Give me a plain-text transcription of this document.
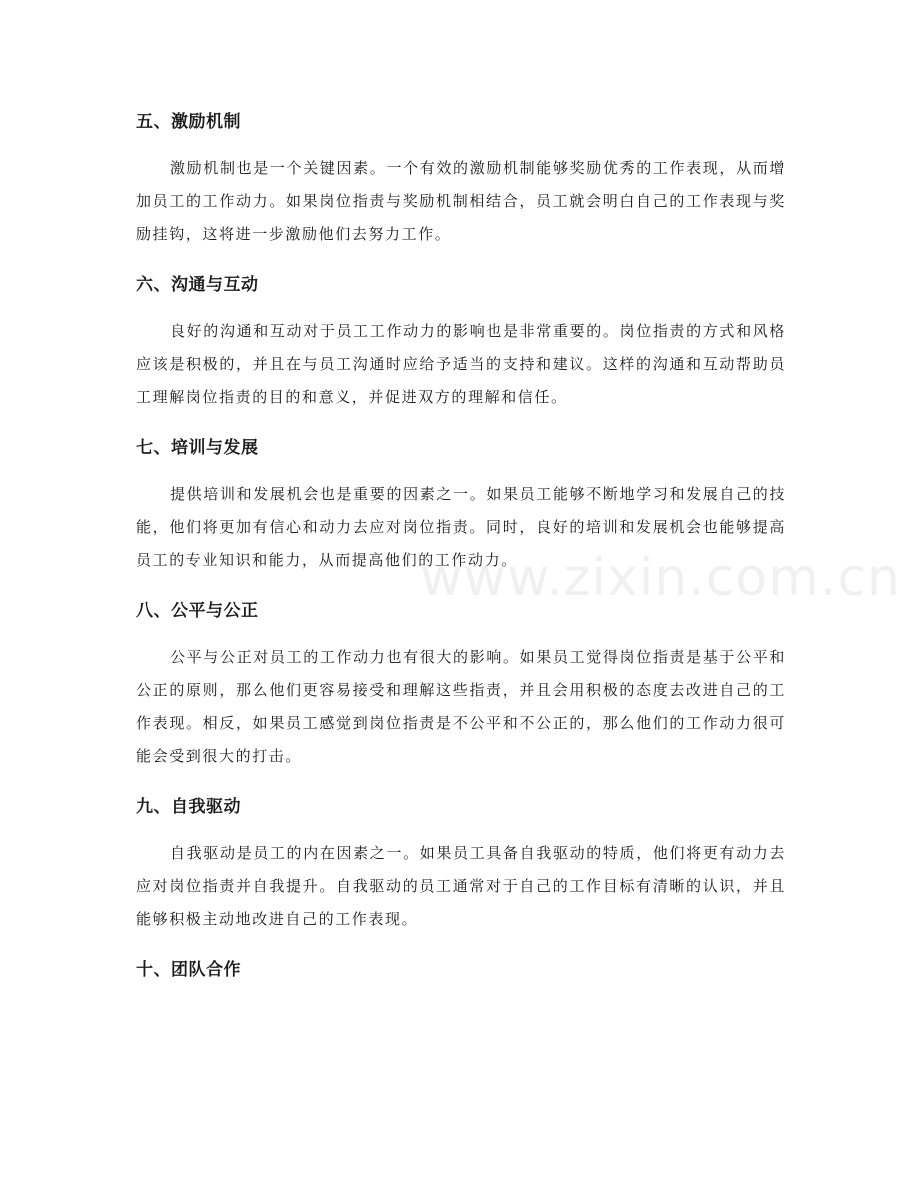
五、激励机制

激励机制也是一个关键因素。一个有效的激励机制能够奖励优秀的工作表现，从而增加员工的工作动力。如果岗位指责与奖励机制相结合，员工就会明白自己的工作表现与奖励挂钩，这将进一步激励他们去努力工作。

六、沟通与互动

良好的沟通和互动对于员工工作动力的影响也是非常重要的。岗位指责的方式和风格应该是积极的，并且在与员工沟通时应给予适当的支持和建议。这样的沟通和互动帮助员工理解岗位指责的目的和意义，并促进双方的理解和信任。

七、培训与发展

提供培训和发展机会也是重要的因素之一。如果员工能够不断地学习和发展自己的技能，他们将更加有信心和动力去应对岗位指责。同时，良好的培训和发展机会也能够提高员工的专业知识和能力，从而提高他们的工作动力。

八、公平与公正

公平与公正对员工的工作动力也有很大的影响。如果员工觉得岗位指责是基于公平和公正的原则，那么他们更容易接受和理解这些指责，并且会用积极的态度去改进自己的工作表现。相反，如果员工感觉到岗位指责是不公平和不公正的，那么他们的工作动力很可能会受到很大的打击。

九、自我驱动

自我驱动是员工的内在因素之一。如果员工具备自我驱动的特质，他们将更有动力去应对岗位指责并自我提升。自我驱动的员工通常对于自己的工作目标有清晰的认识，并且能够积极主动地改进自己的工作表现。

十、团队合作
www.zixin.com.cn
